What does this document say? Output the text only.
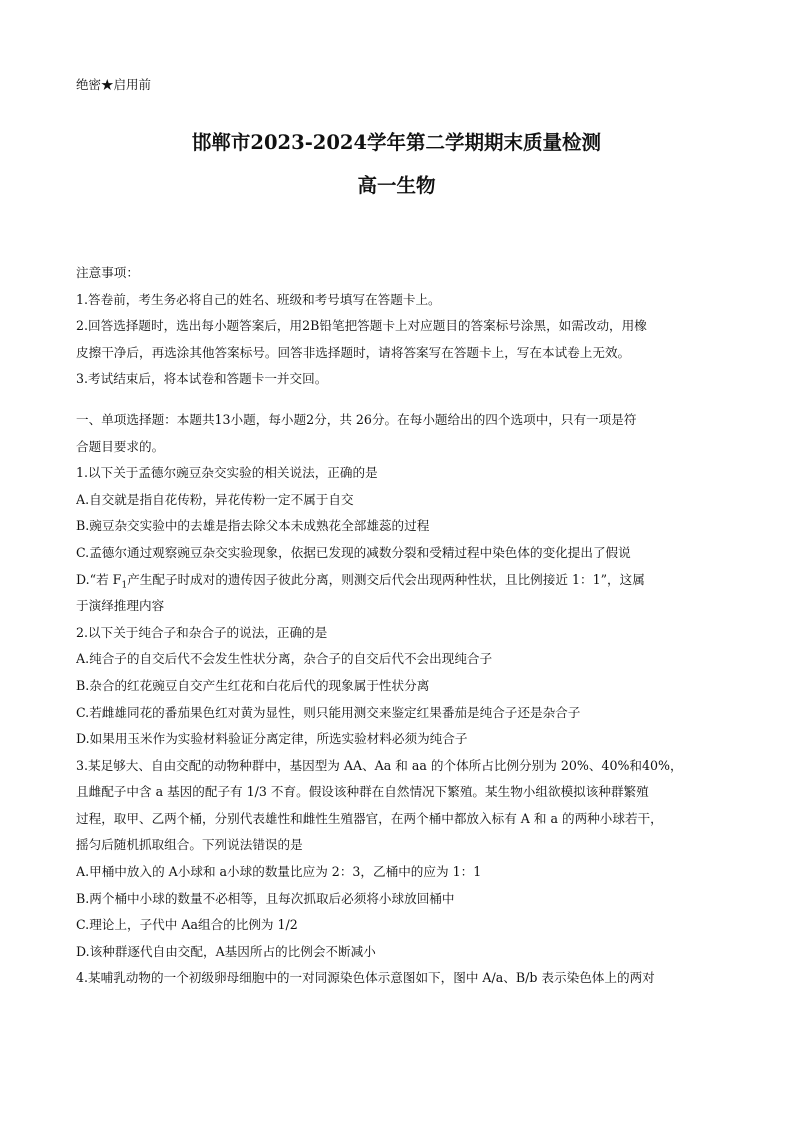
绝密★启用前
邯郸市2023-2024学年第二学期期末质量检测
高一生物
注意事项：
1.答卷前，考生务必将自己的姓名、班级和考号填写在答题卡上。
2.回答选择题时，选出每小题答案后，用2B铅笔把答题卡上对应题目的答案标号涂黑，如需改动，用橡
皮擦干净后，再选涂其他答案标号。回答非选择题时，请将答案写在答题卡上，写在本试卷上无效。
3.考试结束后，将本试卷和答题卡一并交回。
一、单项选择题：本题共13小题，每小题2分，共 26分。在每小题给出的四个选项中，只有一项是符
合题目要求的。
1.以下关于孟德尔豌豆杂交实验的相关说法，正确的是
A.自交就是指自花传粉，异花传粉一定不属于自交
B.豌豆杂交实验中的去雄是指去除父本未成熟花全部雄蕊的过程
C.孟德尔通过观察豌豆杂交实验现象，依据已发现的减数分裂和受精过程中染色体的变化提出了假说
D.“若 $F_1$产生配子时成对的遗传因子彼此分离，则测交后代会出现两种性状，且比例接近 1：1”，这属
于演绎推理内容
2.以下关于纯合子和杂合子的说法，正确的是
A.纯合子的自交后代不会发生性状分离，杂合子的自交后代不会出现纯合子
B.杂合的红花豌豆自交产生红花和白花后代的现象属于性状分离
C.若雌雄同花的番茄果色红对黄为显性，则只能用测交来鉴定红果番茄是纯合子还是杂合子
D.如果用玉米作为实验材料验证分离定律，所选实验材料必须为纯合子
3.某足够大、自由交配的动物种群中，基因型为 AA、Aa 和 aa 的个体所占比例分别为 20%、40%和40%，
且雌配子中含 a 基因的配子有 1/3 不育。假设该种群在自然情况下繁殖。某生物小组欲模拟该种群繁殖
过程，取甲、乙两个桶，分别代表雄性和雌性生殖器官，在两个桶中都放入标有 A 和 a 的两种小球若干，
摇匀后随机抓取组合。下列说法错误的是
A.甲桶中放入的 A小球和 a小球的数量比应为 2：3，乙桶中的应为 1：1
B.两个桶中小球的数量不必相等，且每次抓取后必须将小球放回桶中
C.理论上，子代中 Aa组合的比例为 1/2
D.该种群逐代自由交配，A基因所占的比例会不断减小
4.某哺乳动物的一个初级卵母细胞中的一对同源染色体示意图如下，图中 A/a、B/b 表示染色体上的两对
